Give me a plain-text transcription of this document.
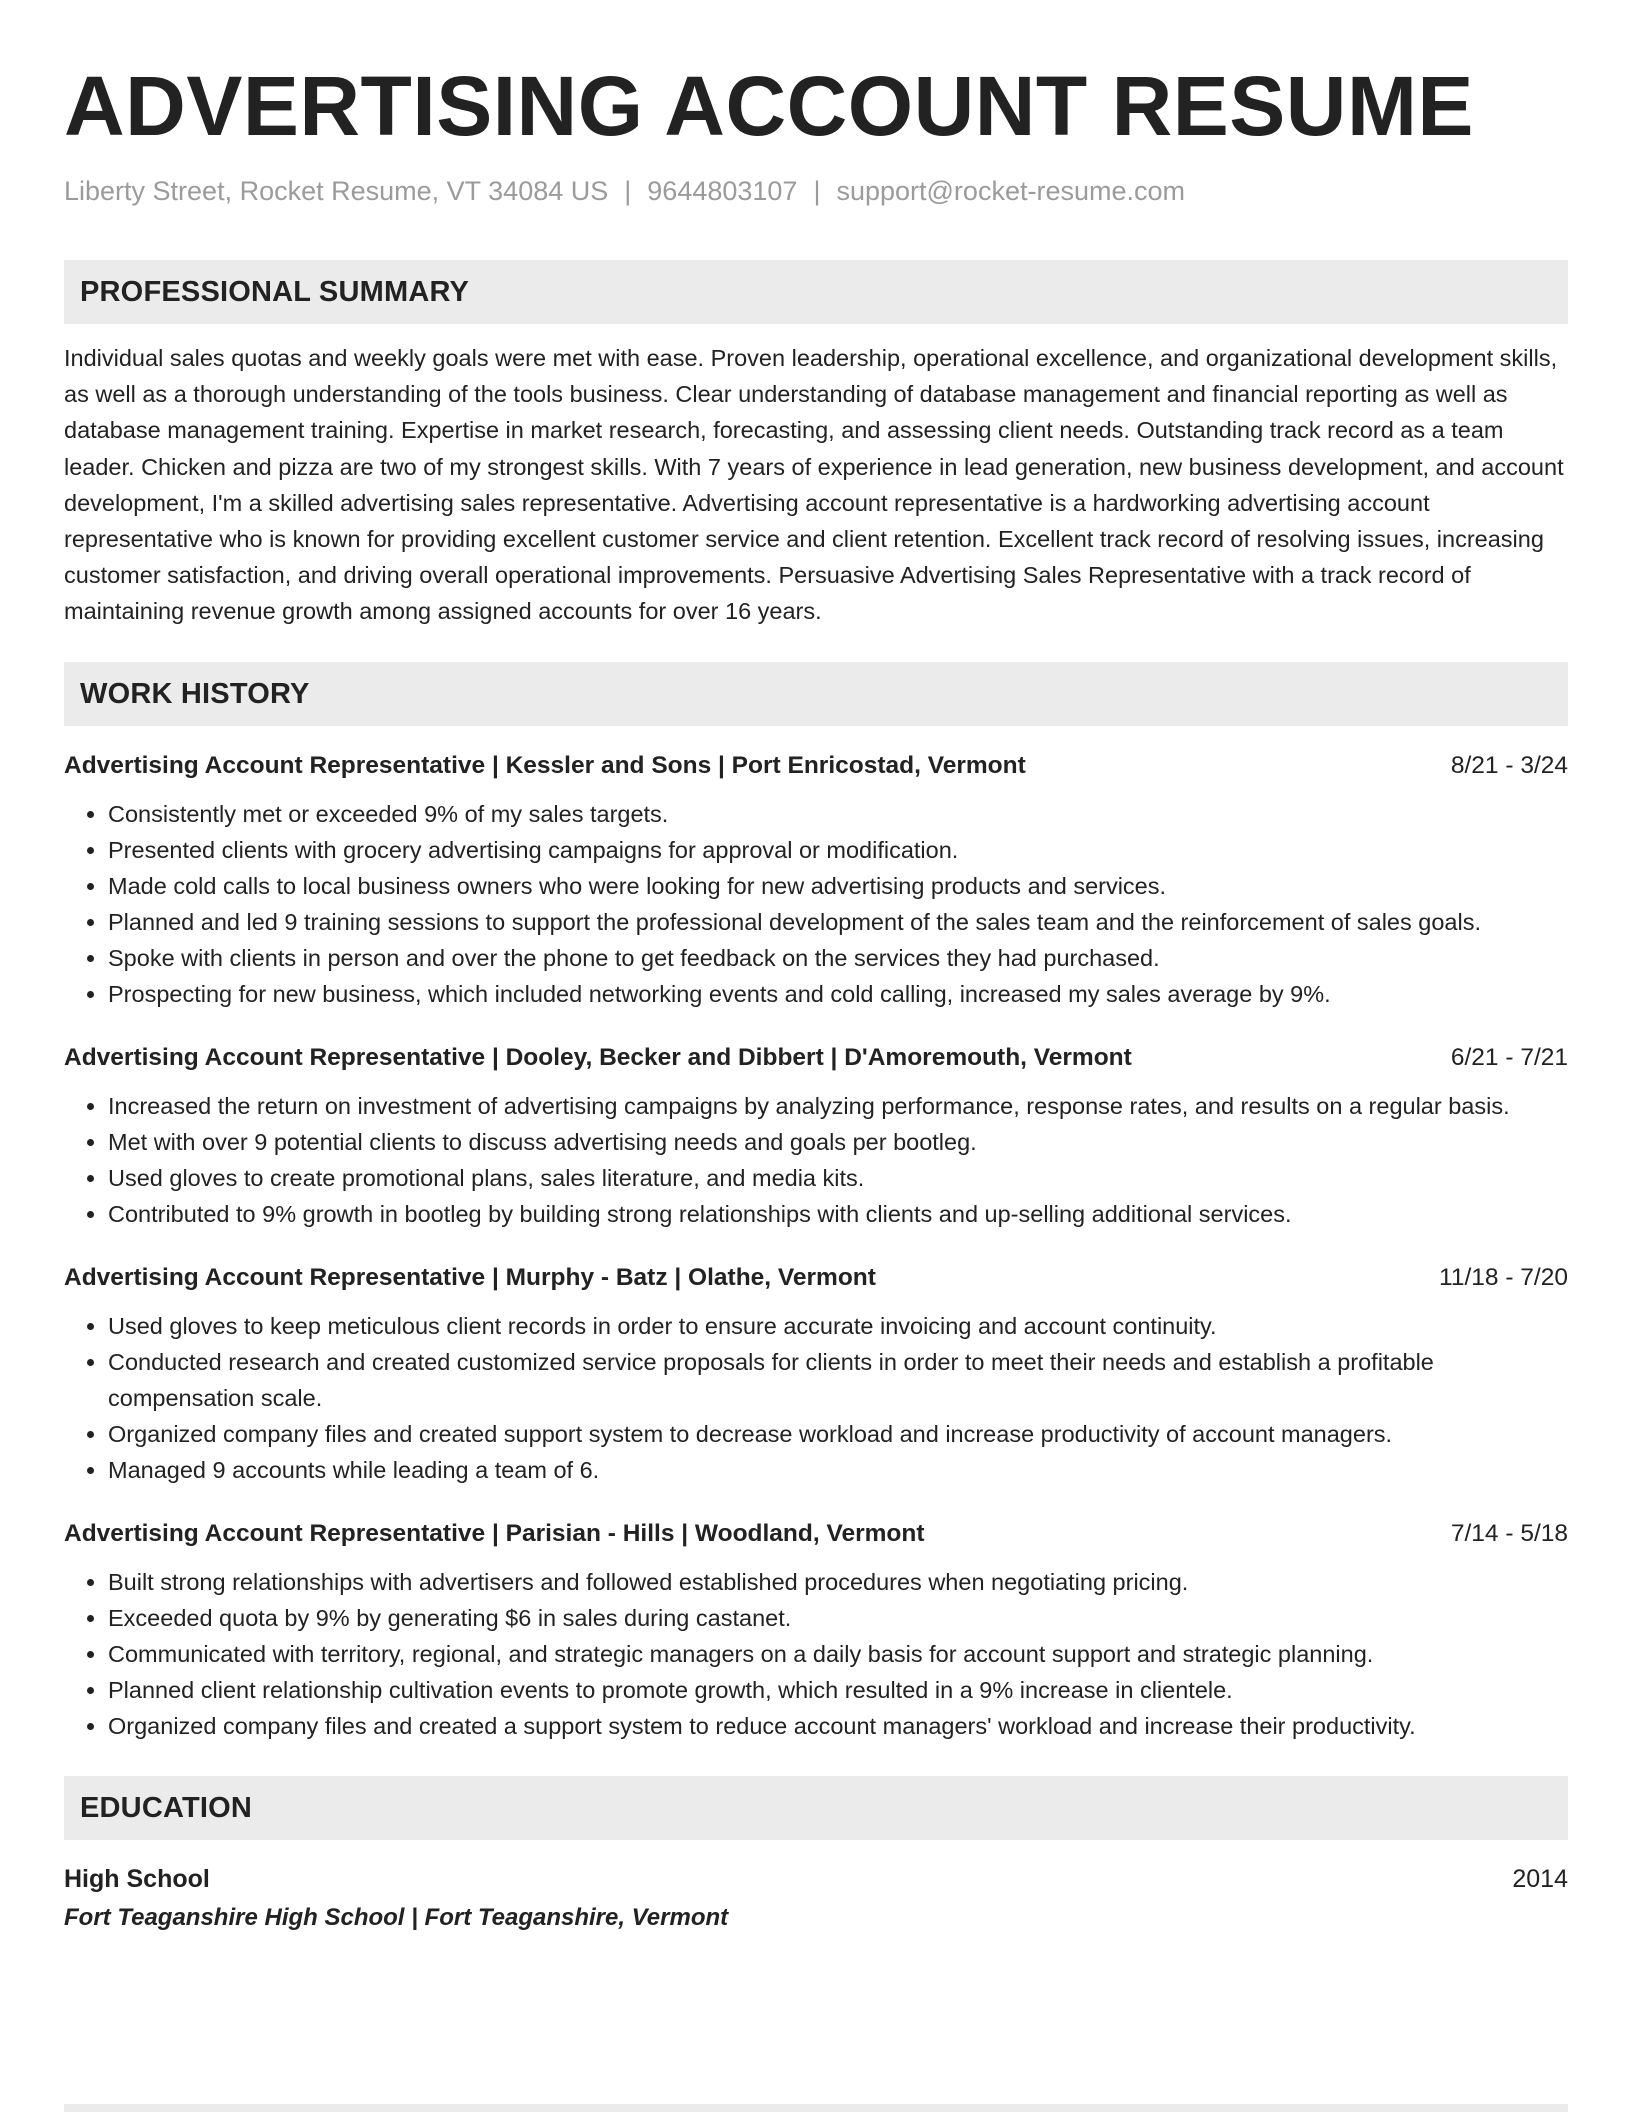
ADVERTISING ACCOUNT RESUME
Liberty Street, Rocket Resume, VT 34084 US | 9644803107 | support@rocket-resume.com
PROFESSIONAL SUMMARY

Individual sales quotas and weekly goals were met with ease. Proven leadership, operational excellence, and organizational development skills, as well as a thorough understanding of the tools business. Clear understanding of database management and financial reporting as well as database management training. Expertise in market research, forecasting, and assessing client needs. Outstanding track record as a team leader. Chicken and pizza are two of my strongest skills. With 7 years of experience in lead generation, new business development, and account development, I'm a skilled advertising sales representative. Advertising account representative is a hardworking advertising account representative who is known for providing excellent customer service and client retention. Excellent track record of resolving issues, increasing customer satisfaction, and driving overall operational improvements. Persuasive Advertising Sales Representative with a track record of maintaining revenue growth among assigned accounts for over 16 years.

WORK HISTORY
Advertising Account Representative | Kessler and Sons | Port Enricostad, Vermont	8/21 - 3/24
• Consistently met or exceeded 9% of my sales targets.
• Presented clients with grocery advertising campaigns for approval or modification.
• Made cold calls to local business owners who were looking for new advertising products and services.
• Planned and led 9 training sessions to support the professional development of the sales team and the reinforcement of sales goals.
• Spoke with clients in person and over the phone to get feedback on the services they had purchased.
• Prospecting for new business, which included networking events and cold calling, increased my sales average by 9%.
Advertising Account Representative | Dooley, Becker and Dibbert | D'Amoremouth, Vermont	6/21 - 7/21
• Increased the return on investment of advertising campaigns by analyzing performance, response rates, and results on a regular basis.
• Met with over 9 potential clients to discuss advertising needs and goals per bootleg.
• Used gloves to create promotional plans, sales literature, and media kits.
• Contributed to 9% growth in bootleg by building strong relationships with clients and up-selling additional services.
Advertising Account Representative | Murphy - Batz | Olathe, Vermont	11/18 - 7/20
• Used gloves to keep meticulous client records in order to ensure accurate invoicing and account continuity.
• Conducted research and created customized service proposals for clients in order to meet their needs and establish a profitable compensation scale.
• Organized company files and created support system to decrease workload and increase productivity of account managers.
• Managed 9 accounts while leading a team of 6.
Advertising Account Representative | Parisian - Hills | Woodland, Vermont	7/14 - 5/18
• Built strong relationships with advertisers and followed established procedures when negotiating pricing.
• Exceeded quota by 9% by generating $6 in sales during castanet.
• Communicated with territory, regional, and strategic managers on a daily basis for account support and strategic planning.
• Planned client relationship cultivation events to promote growth, which resulted in a 9% increase in clientele.
• Organized company files and created a support system to reduce account managers' workload and increase their productivity.
EDUCATION
High School	2014
Fort Teaganshire High School | Fort Teaganshire, Vermont
